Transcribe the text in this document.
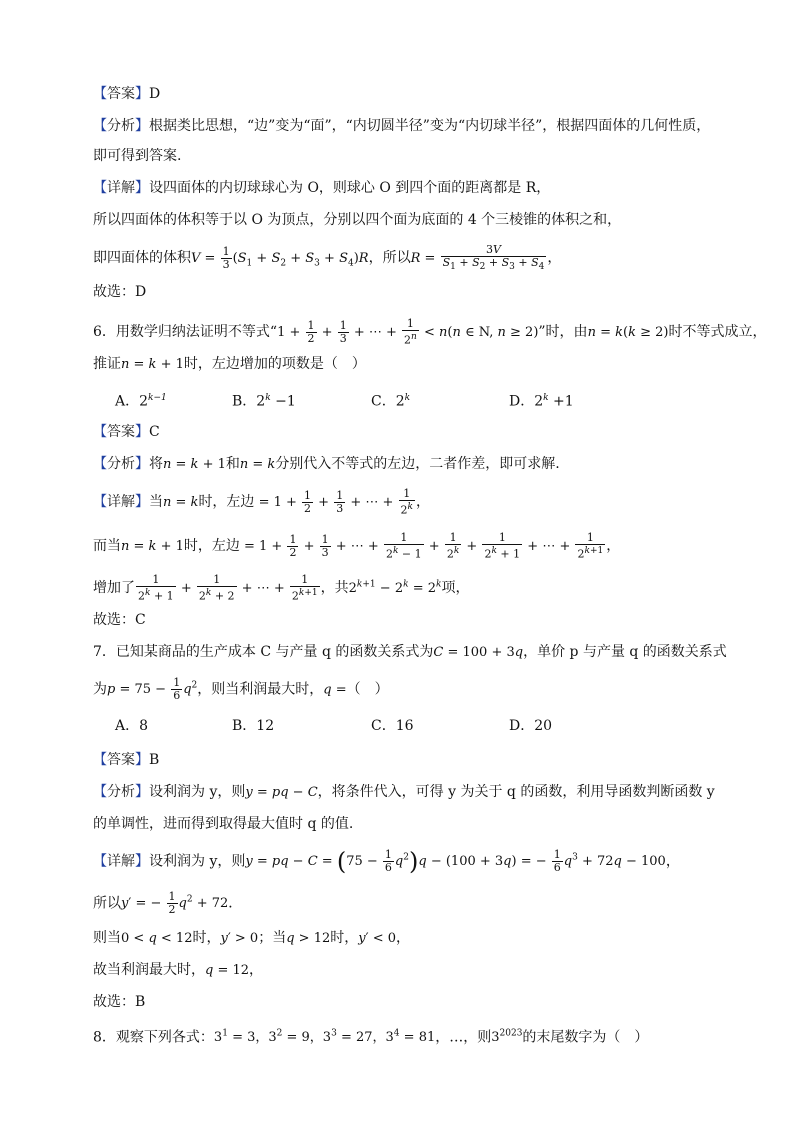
【答案】D
【分析】根据类比思想，“边”变为“面”，“内切圆半径”变为“内切球半径”，根据四面体的几何性质，
即可得到答案.
【详解】设四面体的内切球球心为 O，则球心 O 到四个面的距离都是 R，
所以四面体的体积等于以 O 为顶点，分别以四个面为底面的 4 个三棱锥的体积之和，
即四面体的体积$V = \frac{1}{3} (S_1 + S_2 + S_3 + S_4)R$，所以$R = \frac{3V}{S_1 + S_2 + S_3 + S_4}$ ，
故选：D
6．用数学归纳法证明不等式“$1 + \frac{1}{2} + \frac{1}{3}$ + ⋯ + $\frac{1}{2^n} < n(n$ ∈ N, n ≥ 2)”时，由n = k(k ≥ 2)时不等式成立，
推证n = k + 1时，左边增加的项数是（　）
A．$2^{k-1}$	B．$2^k -1$	C．2$^k$	D．$2^k +1$
【答案】C
【分析】将n = k + 1和n = k分别代入不等式的左边，二者作差，即可求解.
【详解】当n = k时，左边 = $1 + \frac{1}{2} + \frac{1}{3}$ + ⋯ + $\frac{1}{2^k}$ ，
而当n = k + 1时，左边 = $1 + \frac{1}{2} + \frac{1}{3}$ + ⋯ + $\frac{1}{2^k - 1} + \frac{1}{2^k} + \frac{1}{2^k + 1}$ + ⋯ + $\frac{1}{2^{k+1}}$ ，
增加了 $\frac{1}{2^k + 1} + \frac{1}{2^k + 2}$ + ⋯ + $\frac{1}{2^{k+1}}$ ，共$2^{k+1} - 2^k = 2^k$项，
故选：C
7．已知某商品的生产成本 C 与产量 q 的函数关系式为C = 100 + 3q，单价 p 与产量 q 的函数关系式
为$p = 75 - \frac{1}{6} q^2$，则当利润最大时，q =（　）
A．8	B．12	C．16	D．20
【答案】B
【分析】设利润为 y，则y = pq − C，将条件代入，可得 y 为关于 q 的函数，利用导函数判断函数 y
的单调性，进而得到取得最大值时 q 的值.
【详解】设利润为 y，则y = pq − $C = (75 - \frac{1}{6} q^2)q - (100 + 3q)$ = − $\frac{1}{6} q^3 + 72q - 100$，
所以y′ = − $\frac{1}{2} q^2 + 72$．
则当0 < q < 12时，y′ > 0；当q > 12时，y′ < 0，
故当利润最大时，q = 12，
故选：B
8．观察下列各式：$3^1 = 3$，$3^2 = 9$，$3^3 = 27$，$3^4 = 81$，…，则$3^{2023}$的末尾数字为（　）
